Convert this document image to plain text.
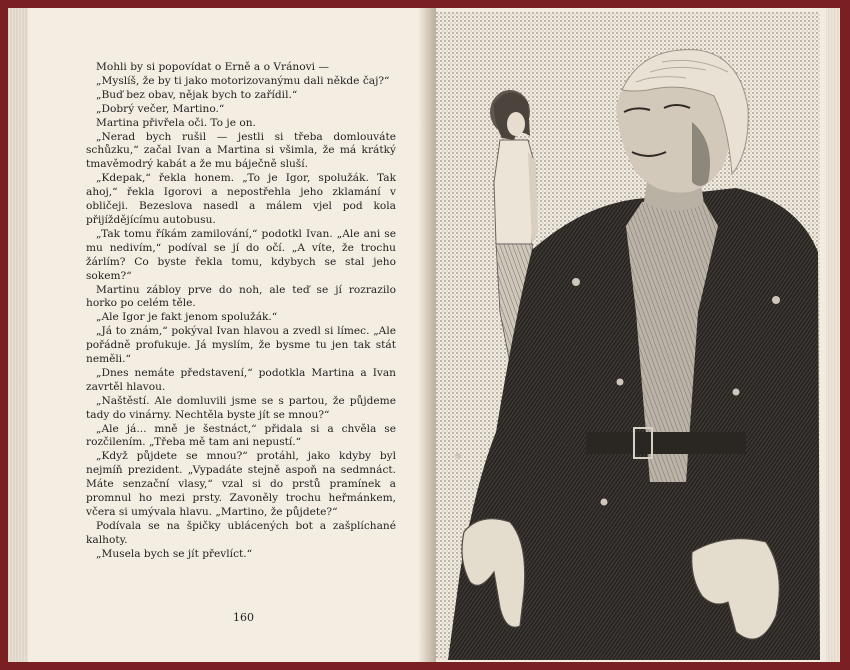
Mohli by si popovídat o Erně a o Vránovi —

„Myslíš, že by ti jako motorizovanýmu dali někde čaj?“

„Buď bez obav, nějak bych to zařídil.“

„Dobrý večer, Martino.“

Martina přivřela oči. To je on.

„Nerad bych rušil — jestli si třeba domlouváte schůzku,“ začal Ivan a Martina si všimla, že má krátký tmavěmodrý kabát a že mu báječně sluší.

„Kdepak,“ řekla honem. „To je Igor, spolužák. Tak ahoj,“ řekla Igorovi a nepostřehla jeho zklamání v obličeji. Bezeslova nasedl a málem vjel pod kola přijíždějícímu autobusu.

„Tak tomu říkám zamilování,“ podotkl Ivan. „Ale ani se mu nedivím,“ podíval se jí do očí. „A víte, že trochu žárlím? Co byste řekla tomu, kdybych se stal jeho sokem?“

Martinu zábloy prve do noh, ale teď se jí rozrazilo horko po celém těle.

„Ale Igor je fakt jenom spolužák.“

„Já to znám,“ pokýval Ivan hlavou a zvedl si límec. „Ale pořádně profukuje. Já myslím, že bysme tu jen tak stát neměli.“

„Dnes nemáte představení,“ podotkla Martina a Ivan zavrtěl hlavou.

„Naštěstí. Ale domluvili jsme se s partou, že půjdeme tady do vinárny. Nechtěla byste jít se mnou?“

„Ale já... mně je šestnáct,“ přidala si a chvěla se rozčilením. „Třeba mě tam ani nepustí.“

„Když půjdete se mnou?“ protáhl, jako kdyby byl nejmíň prezident. „Vypadáte stejně aspoň na sedmnáct. Máte senzační vlasy,“ vzal si do prstů pramínek a promnul ho mezi prsty. Zavoněly trochu heřmánkem, včera si umývala hlavu. „Martino, že půjdete?“

Podívala se na špičky ublácených bot a zašplíchané kalhoty.

„Musela bych se jít převlíct.“

160
